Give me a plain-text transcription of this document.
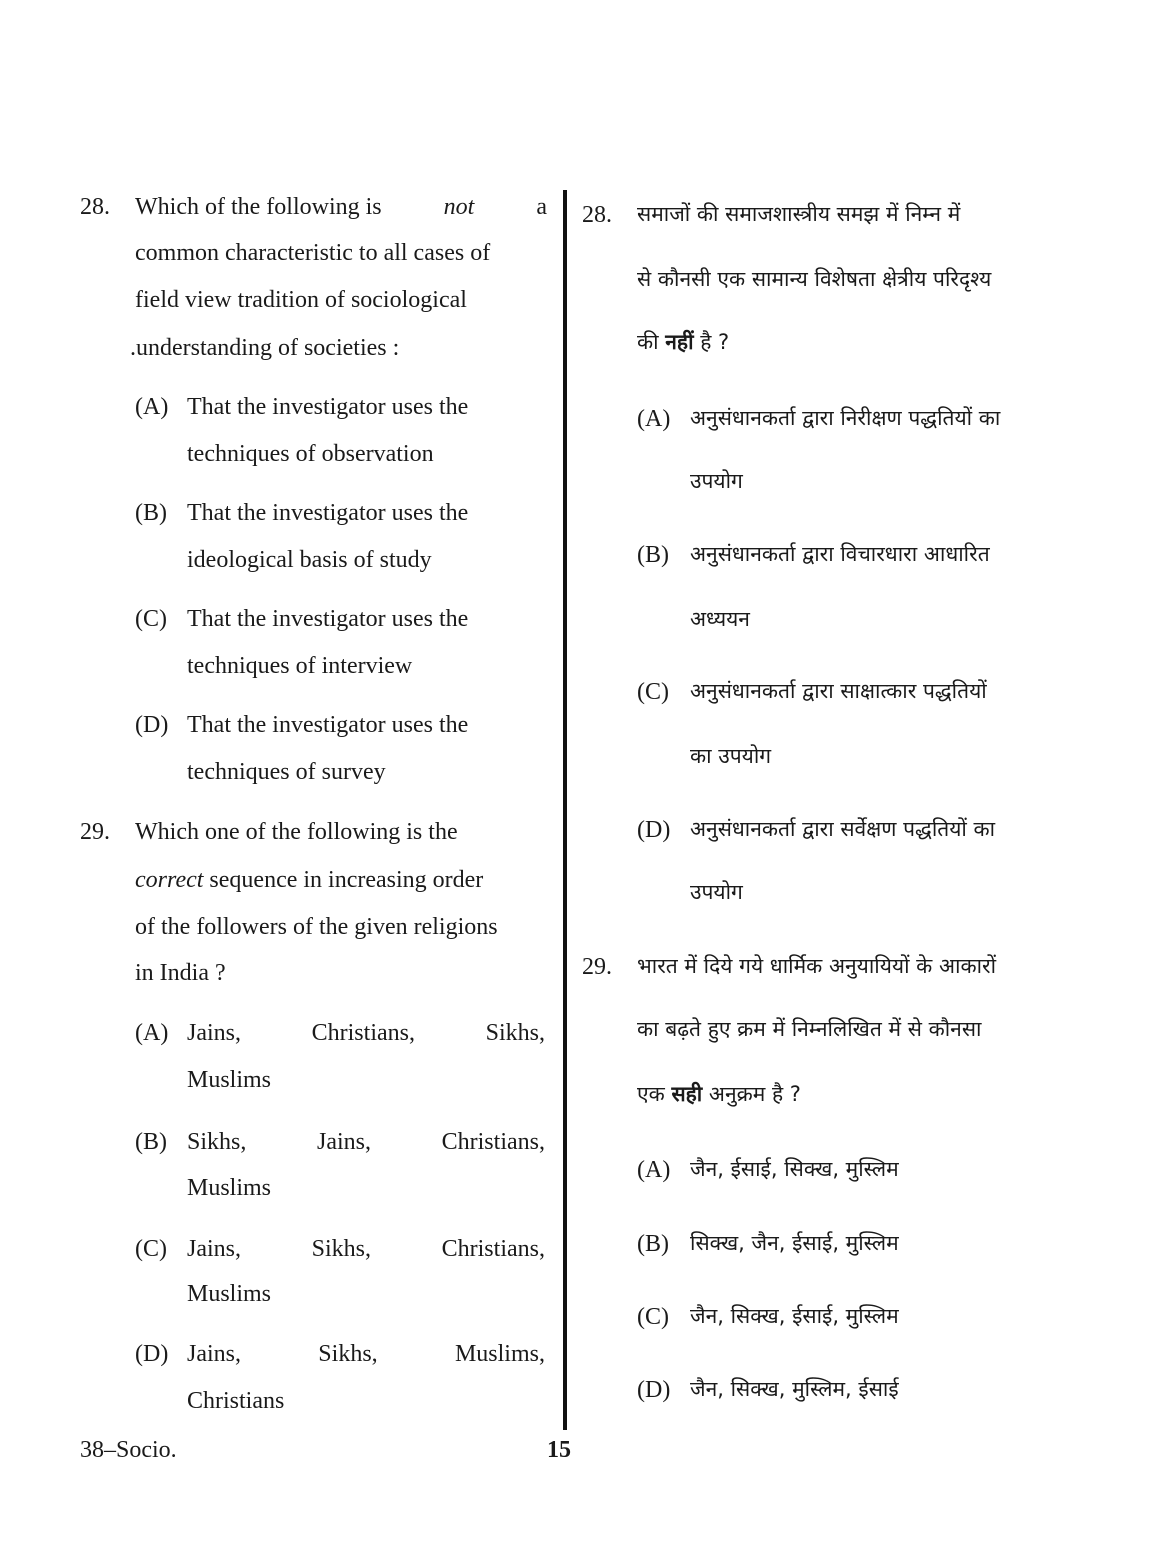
28. Which of the following is	not	a
common characteristic to all cases of
field view tradition of sociological
.understanding of societies :
(A) That the investigator uses the
techniques of observation
(B) That the investigator uses the
ideological basis of study
(C) That the investigator uses the
techniques of interview
(D) That the investigator uses the
techniques of survey
29. Which one of the following is the
correct sequence in increasing order
of the followers of the given religions
in India ?
(A) Jains,	Christians,	Sikhs,
Muslims
(B) Sikhs,	Jains,	Christians,
Muslims
(C) Jains,	Sikhs,	Christians,
Muslims
(D) Jains,	Sikhs,	Muslims,
Christians
28. समाजों की समाजशास्त्रीय समझ में निम्न में
से कौनसी एक सामान्य विशेषता क्षेत्रीय परिदृश्य
की नहीं है ?
(A) अनुसंधानकर्ता द्वारा निरीक्षण पद्धतियों का
उपयोग
(B) अनुसंधानकर्ता द्वारा विचारधारा आधारित
अध्ययन
(C) अनुसंधानकर्ता द्वारा साक्षात्कार पद्धतियों
का उपयोग
(D) अनुसंधानकर्ता द्वारा सर्वेक्षण पद्धतियों का
उपयोग
29. भारत में दिये गये धार्मिक अनुयायियों के आकारों
का बढ़ते हुए क्रम में निम्नलिखित में से कौनसा
एक सही अनुक्रम है ?
(A) जैन, ईसाई, सिक्ख, मुस्लिम
(B) सिक्ख, जैन, ईसाई, मुस्लिम
(C) जैन, सिक्ख, ईसाई, मुस्लिम
(D) जैन, सिक्ख, मुस्लिम, ईसाई
38–Socio.	15
